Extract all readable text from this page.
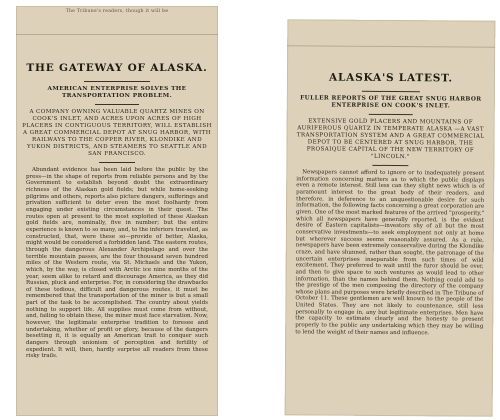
The Tribune's readers, though it will be
THE GATEWAY OF ALASKA.

AMERICAN ENTERPRISE SOLVES THE TRANSPORTATION PROBLEM.

A COMPANY OWNING VALUABLE QUARTZ MINES ON COOK'S INLET, AND ACRES UPON ACRES OF HIGH PLACERS IN CONTIGUOUS TERRITORY, WILL ESTABLISH A GREAT COMMERCIAL DEPOT AT SNUG HARBOR, WITH RAILWAYS TO THE COPPER RIVER, KLONDIKE AND YUKON DISTRICTS, AND STEAMERS TO SEATTLE AND SAN FRANCISCO.

Abundant evidence has been laid before the public by the press—in the shape of reports from reliable persons and by the Government to establish beyond doubt the extraordinary richness of the Alaskan gold fields; but while home-seeking pilgrims and others, reports also picture dangers, sufferings and privation sufficient to deter even the most foolhardy from engaging under existing circumstances in their quest. The routes open at present to the most exploited of these Alaskan gold fields are, nominally, five in number; but the entire experience is known to so many, and, to the inferiors traveled, as constructed, that, were these so—provide of better, Alaska, might would be considered a forbidden land. The eastern routes, through the dangerous Alexander Archipelago and over the terrible mountain passes, are the four thousand seven hundred miles of the Western route, via St. Michaels and the Yukon, which, by the way, is closed with Arctic ice nine months of the year, seem alike to retard and discourage America, as they did Russian, pluck and enterprise. For, in considering the drawbacks of these tedious, difficult and dangerous routes, it must be remembered that the transportation of the miner is but a small part of the task to be accomplished. The country about yields nothing to support life. All supplies must come from without, and, failing to obtain these, the miner must face starvation. Now, however, the legitimate enterprise tradition to foresee and undertaking, whether of profit or glory, because of the dangers besetting it, it is equally an American trait to conquer such dangers through unionism of perception and fertility of expedient. It will, then, hardly surprise all readers from these risky trails.

ALASKA'S LATEST.

FULLER REPORTS OF THE GREAT SNUG HARBOR ENTERPRISE ON COOK'S INLET.

EXTENSIVE GOLD PLACERS AND MOUNTAINS OF AURIFEROUS QUARTZ IN TEMPERATE ALASKA —A VAST TRANSPORTATION SYSTEM AND A GREAT COMMERCIAL DEPOT TO BE CENTERED AT SNUG HARBOR, THE PROSAIQUE CAPITAL OF THE NEW TERRITORY OF "LINCOLN."

Newspapers cannot afford to ignore or to inadequately present information concerning matters as to which the public displays even a remote interest. Still less can they slight news which is of paramount interest to the great body of their readers, and therefore, in deference to an unquestionable desire for such information, the following facts concerning a great corporation are given. One of the most marked features of the arrived "prosperity," which all newspapers have generally reported, is the evident desire of Eastern capitalists—investors shy of all but the most conservative investments—to seek employment not only at home but wherever success seems reasonably assured. As a rule, newspapers have been extremely conservative during the Klondike craze, and have shunned, rather than sought, the patronage of the uncertain enterprises inseparable from such times of wild excitement. They preferred to wait until the furor should be over, and then to give space to such ventures as would lead to other information, than the names behind them. Nothing could add to the prestige of the men composing the directory of the company whose plans and purposes were briefly described in The Tribune of October 11. These gentlemen are well known to the people of the United States. They are not likely to countenance, still less personally to engage in, any but legitimate enterprises. Men have the capacity to estimate clearly and the honesty to present properly to the public any undertaking which they may be willing to lend the weight of their names and influence.
